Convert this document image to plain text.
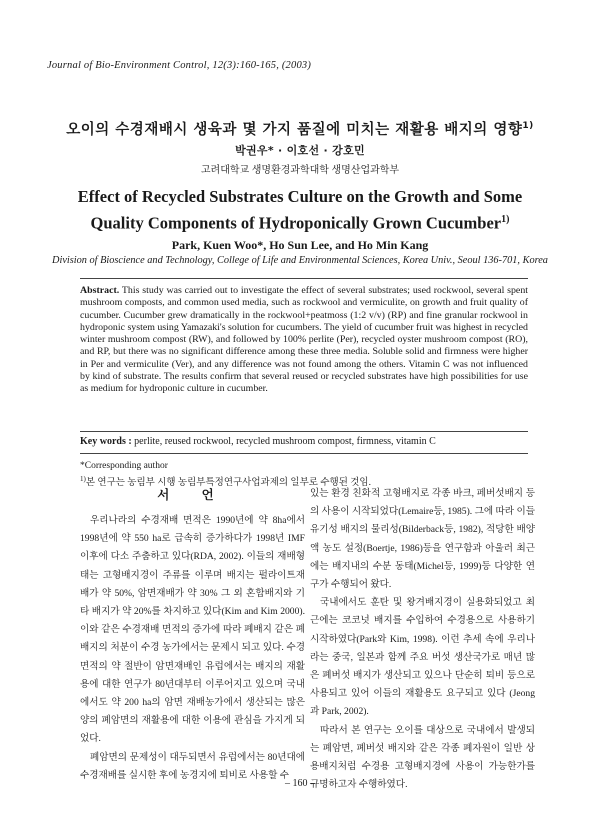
Journal of Bio-Environment Control, 12(3):160-165, (2003)
오이의 수경재배시 생육과 몇 가지 품질에 미치는 재활용 배지의 영향$^{1)}$
박권우* · 이호선 · 강호민
고려대학교 생명환경과학대학 생명산업과학부
Effect of Recycled Substrates Culture on the Growth and Some
Quality Components of Hydroponically Grown Cucumber$^{1)}$
Park, Kuen Woo*, Ho Sun Lee, and Ho Min Kang
Division of Bioscience and Technology, College of Life and Environmental Sciences, Korea Univ., Seoul 136-701, Korea
Abstract. This study was carried out to investigate the effect of several substrates; used rockwool, several spent mushroom composts, and common used media, such as rockwool and vermiculite, on growth and fruit quality of cucumber. Cucumber grew dramatically in the rockwool+peatmoss (1:2 v/v) (RP) and fine granular rockwool in hydroponic system using Yamazaki's solution for cucumbers. The yield of cucumber fruit was highest in recycled winter mushroom compost (RW), and followed by 100% perlite (Per), recycled oyster mushroom compost (RO), and RP, but there was no significant difference among these three media. Soluble solid and firmness were higher in Per and vermiculite (Ver), and any difference was not found among the others. Vitamin C was not influenced by kind of substrate. The results confirm that several reused or recycled substrates have high possibilities for use as medium for hydroponic culture in cucumber.
Key words : perlite, reused rockwool, recycled mushroom compost, firmness, vitamin C
*Corresponding author
$^{1)}$본 연구는 농림부 시행 농림부특정연구사업과제의 일부로 수행된 것임.
서 언

우리나라의 수경재배 면적은 1990년에 약 8ha에서 1998년에 약 550 ha로 급속히 증가하다가 1998년 IMF 이후에 다소 주춤하고 있다(RDA, 2002). 이들의 재배형태는 고형배지경이 주류를 이루며 배지는 펄라이트재배가 약 50%, 암면재배가 약 30% 그 외 혼합배지와 기타 배지가 약 20%를 차지하고 있다(Kim and Kim 2000). 이와 같은 수경재배 면적의 증가에 따라 폐배지 같은 폐배지의 처분이 수경 농가에서는 문제시 되고 있다. 수경 면적의 약 절반이 암면재배인 유럽에서는 배지의 재활용에 대한 연구가 80년대부터 이루어지고 있으며 국내에서도 약 200 ha의 암면 재배농가에서 생산되는 많은 양의 폐암면의 재활용에 대한 이용에 관심을 가지게 되었다.

폐암면의 문제성이 대두되면서 유럽에서는 80년대에 수경재배를 실시한 후에 농경지에 퇴비로 사용할 수

있는 환경 친화적 고형배지로 각종 바크, 페버섯배지 등의 사용이 시작되었다(Lemaire등, 1985). 그에 따라 이들 유기성 배지의 물리성(Bilderback등, 1982), 적당한 배양액 농도 설정(Boertje, 1986)등을 연구함과 아울러 최근에는 배지내의 수분 동태(Michel등, 1999)등 다양한 연구가 수행되어 왔다.

국내에서도 훈탄 및 왕겨배지경이 실용화되었고 최근에는 코코넛 배지를 수입하여 수경용으로 사용하기 시작하였다(Park와 Kim, 1998). 이런 추세 속에 우리나라는 중국, 일본과 함께 주요 버섯 생산국가로 매년 많은 폐버섯 배지가 생산되고 있으나 단순히 퇴비 등으로 사용되고 있어 이들의 재활용도 요구되고 있다 (Jeong과 Park, 2002).

따라서 본 연구는 오이를 대상으로 국내에서 발생되는 폐암면, 폐버섯 배지와 같은 각종 폐자원이 일반 상용배지처럼 수경용 고형배지경에 사용이 가능한가를 규명하고자 수행하였다.

– 160 –
